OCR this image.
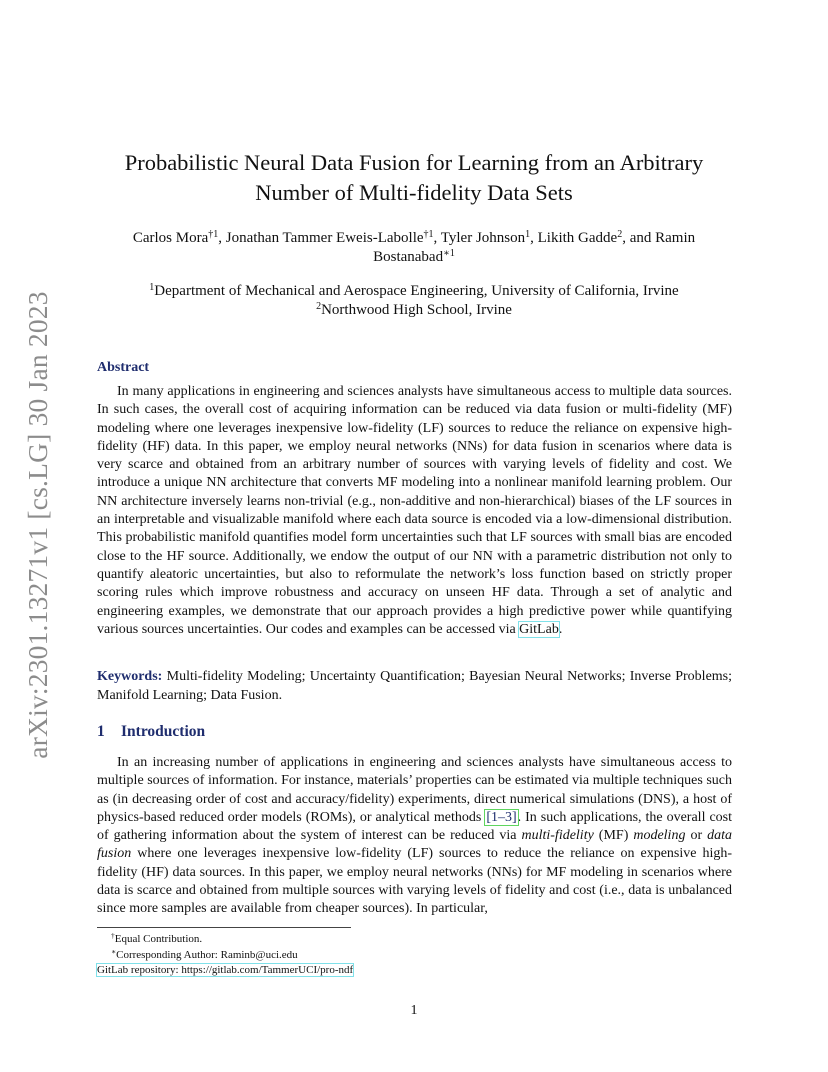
arXiv:2301.13271v1 [cs.LG] 30 Jan 2023
Probabilistic Neural Data Fusion for Learning from an Arbitrary
Number of Multi-fidelity Data Sets
Carlos Mora$^{\dagger 1}$, Jonathan Tammer Eweis-Labolle$^{\dagger 1}$, Tyler Johnson$^1$, Likith Gadde$^2$, and Ramin Bostanabad$^{∗1}$
$^1$Department of Mechanical and Aerospace Engineering, University of California, Irvine
$^2$Northwood High School, Irvine
Abstract

In many applications in engineering and sciences analysts have simultaneous access to multiple data sources. In such cases, the overall cost of acquiring information can be reduced via data fusion or multi-fidelity (MF) modeling where one leverages inexpensive low-fidelity (LF) sources to reduce the reliance on expensive high-fidelity (HF) data. In this paper, we employ neural networks (NNs) for data fusion in scenarios where data is very scarce and obtained from an arbitrary number of sources with varying levels of fidelity and cost. We introduce a unique NN architecture that converts MF modeling into a nonlinear manifold learning problem. Our NN architecture inversely learns non-trivial (e.g., non-additive and non-hierarchical) biases of the LF sources in an interpretable and visualizable manifold where each data source is encoded via a low-dimensional distribution. This probabilistic manifold quantifies model form uncertainties such that LF sources with small bias are encoded close to the HF source. Additionally, we endow the output of our NN with a parametric distribution not only to quantify aleatoric uncertainties, but also to reformulate the network’s loss function based on strictly proper scoring rules which improve robustness and accuracy on unseen HF data. Through a set of analytic and engineering examples, we demonstrate that our approach provides a high predictive power while quantifying various sources uncertainties. Our codes and examples can be accessed via GitLab.

Keywords: Multi-fidelity Modeling; Uncertainty Quantification; Bayesian Neural Networks; Inverse Problems; Manifold Learning; Data Fusion.

1 Introduction

In an increasing number of applications in engineering and sciences analysts have simultaneous access to multiple sources of information. For instance, materials’ properties can be estimated via multiple techniques such as (in decreasing order of cost and accuracy/fidelity) experiments, direct numerical simulations (DNS), a host of physics-based reduced order models (ROMs), or analytical methods [1–3]. In such applications, the overall cost of gathering information about the system of interest can be reduced via multi-fidelity (MF) modeling or data fusion where one leverages inexpensive low-fidelity (LF) sources to reduce the reliance on expensive high-fidelity (HF) data sources. In this paper, we employ neural networks (NNs) for MF modeling in scenarios where data is scarce and obtained from multiple sources with varying levels of fidelity and cost (i.e., data is unbalanced since more samples are available from cheaper sources). In particular,

†Equal Contribution.
∗Corresponding Author: Raminb@uci.edu
GitLab repository: https://gitlab.com/TammerUCI/pro-ndf
1
